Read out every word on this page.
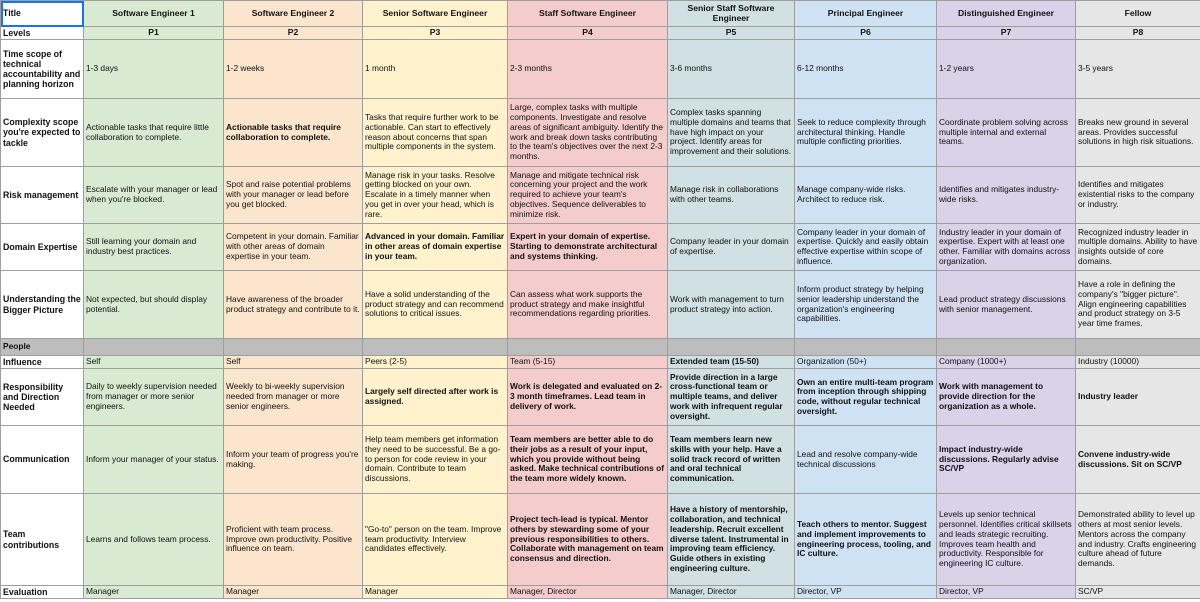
Title	Software Engineer 1	Software Engineer 2	Senior Software Engineer	Staff Software Engineer	Senior Staff Software Engineer	Principal Engineer	Distinguished Engineer	Fellow
Levels	P1	P2	P3	P4	P5	P6	P7	P8
Time scope of technical accountability and planning horizon	1-3 days	1-2 weeks	1 month	2-3 months	3-6 months	6-12 months	1-2 years	3-5 years
Complexity scope you're expected to tackle	Actionable tasks that require little collaboration to complete.	Actionable tasks that require collaboration to complete.	Tasks that require further work to be actionable. Can start to effectively reason about concerns that span multiple components in the system.	Large, complex tasks with multiple components. Investigate and resolve areas of significant ambiguity. Identify the work and break down tasks contributing to the team's objectives over the next 2-3 months.	Complex tasks spanning multiple domains and teams that have high impact on your project. Identify areas for improvement and their solutions.	Seek to reduce complexity through architectural thinking. Handle multiple conflicting priorities.	Coordinate problem solving across multiple internal and external teams.	Breaks new ground in several areas. Provides successful solutions in high risk situations.
Risk management	Escalate with your manager or lead when you're blocked.	Spot and raise potential problems with your manager or lead before you get blocked.	Manage risk in your tasks. Resolve getting blocked on your own. Escalate in a timely manner when you get in over your head, which is rare.	Manage and mitigate technical risk concerning your project and the work required to achieve your team's objectives. Sequence deliverables to minimize risk.	Manage risk in collaborations with other teams.	Manage company-wide risks. Architect to reduce risk.	Identifies and mitigates industry-wide risks.	Identifies and mitigates existential risks to the company or industry.
Domain Expertise	Still learning your domain and industry best practices.	Competent in your domain. Familiar with other areas of domain expertise in your team.	Advanced in your domain. Familiar in other areas of domain expertise in your team.	Expert in your domain of expertise. Starting to demonstrate architectural and systems thinking.	Company leader in your domain of expertise.	Company leader in your domain of expertise. Quickly and easily obtain effective expertise within scope of influence.	Industry leader in your domain of expertise. Expert with at least one other. Familiar with domains across organization.	Recognized industry leader in multiple domains. Ability to have insights outside of core domains.
Understanding the Bigger Picture	Not expected, but should display potential.	Have awareness of the broader product strategy and contribute to it.	Have a solid understanding of the product strategy and can recommend solutions to critical issues.	Can assess what work supports the product strategy and make insightful recommendations regarding priorities.	Work with management to turn product strategy into action.	Inform product strategy by helping senior leadership understand the organization's engineering capabilities.	Lead product strategy discussions with senior management.	Have a role in defining the company's "bigger picture". Align engineering capabilities and product strategy on 3-5 year time frames.
People								
Influence	Self	Self	Peers (2-5)	Team (5-15)	Extended team (15-50)	Organization (50+)	Company (1000+)	Industry (10000)
Responsibility and Direction Needed	Daily to weekly supervision needed from manager or more senior engineers.	Weekly to bi-weekly supervision needed from manager or more senior engineers.	Largely self directed after work is assigned.	Work is delegated and evaluated on 2-3 month timeframes. Lead team in delivery of work.	Provide direction in a large cross-functional team or multiple teams, and deliver work with infrequent regular oversight.	Own an entire multi-team program from inception through shipping code, without regular technical oversight.	Work with management to provide direction for the organization as a whole.	Industry leader
Communication	Inform your manager of your status.	Inform your team of progress you're making.	Help team members get information they need to be successful. Be a go-to person for code review in your domain. Contribute to team discussions.	Team members are better able to do their jobs as a result of your input, which you provide without being asked. Make technical contributions of the team more widely known.	Team members learn new skills with your help. Have a solid track record of written and oral technical communication.	Lead and resolve company-wide technical discussions	Impact industry-wide discussions. Regularly advise SC/VP	Convene industry-wide discussions. Sit on SC/VP
Team contributions	Learns and follows team process.	Proficient with team process. Improve own productivity. Positive influence on team.	"Go-to" person on the team. Improve team productivity. Interview candidates effectively.	Project tech-lead is typical. Mentor others by stewarding some of your previous responsibilities to others. Collaborate with management on team consensus and direction.	Have a history of mentorship, collaboration, and technical leadership. Recruit excellent diverse talent. Instrumental in improving team efficiency. Guide others in existing engineering culture.	Teach others to mentor. Suggest and implement improvements to engineering process, tooling, and IC culture.	Levels up senior technical personnel. Identifies critical skillsets and leads strategic recruiting. Improves team health and productivity. Responsible for engineering IC culture.	Demonstrated ability to level up others at most senior levels. Mentors across the company and industry. Crafts engineering culture ahead of future demands.
Evaluation	Manager	Manager	Manager	Manager, Director	Manager, Director	Director, VP	Director, VP	SC/VP
